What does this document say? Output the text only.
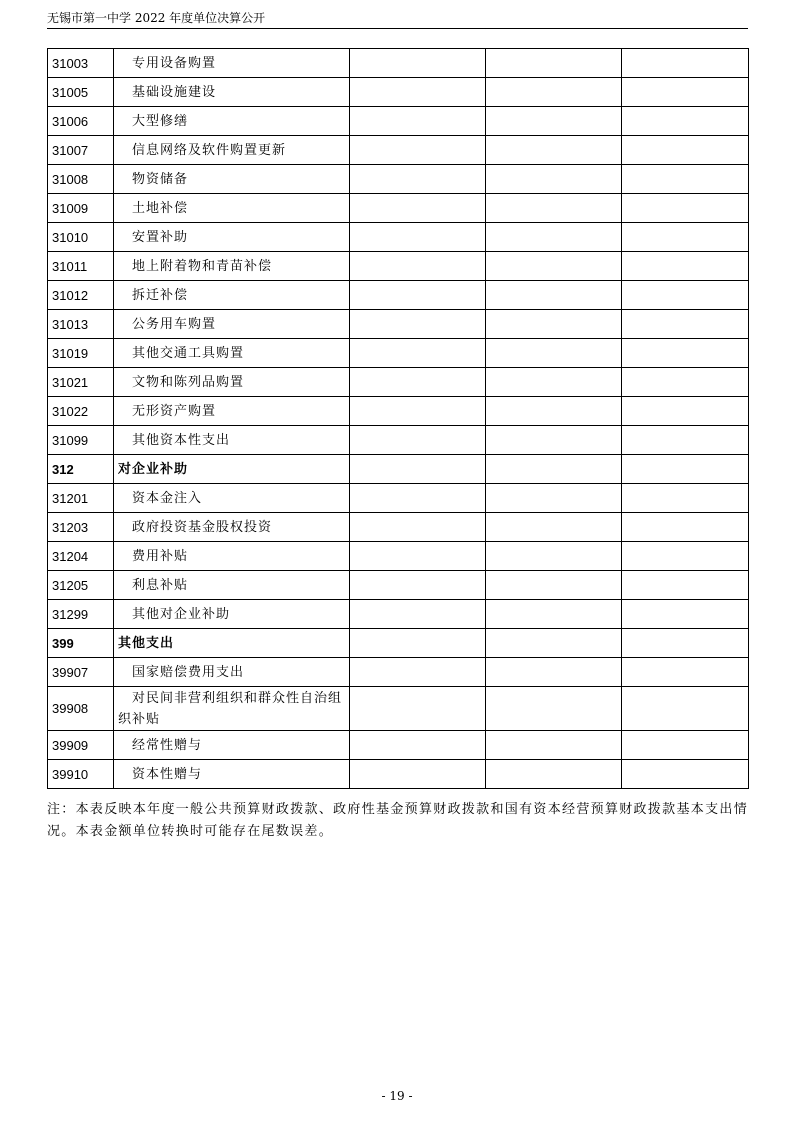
无锡市第一中学 2022 年度单位决算公开
31003	专用设备购置			
31005	基础设施建设			
31006	大型修缮			
31007	信息网络及软件购置更新			
31008	物资储备			
31009	土地补偿			
31010	安置补助			
31011	地上附着物和青苗补偿			
31012	拆迁补偿			
31013	公务用车购置			
31019	其他交通工具购置			
31021	文物和陈列品购置			
31022	无形资产购置			
31099	其他资本性支出			
312	对企业补助			
31201	资本金注入			
31203	政府投资基金股权投资			
31204	费用补贴			
31205	利息补贴			
31299	其他对企业补助			
399	其他支出			
39907	国家赔偿费用支出			
39908	对民间非营利组织和群众性自治组织补贴			
39909	经常性赠与			
39910	资本性赠与			
注：本表反映本年度一般公共预算财政拨款、政府性基金预算财政拨款和国有资本经营预算财政拨款基本支出情况。本表金额单位转换时可能存在尾数误差。
- 19 -
